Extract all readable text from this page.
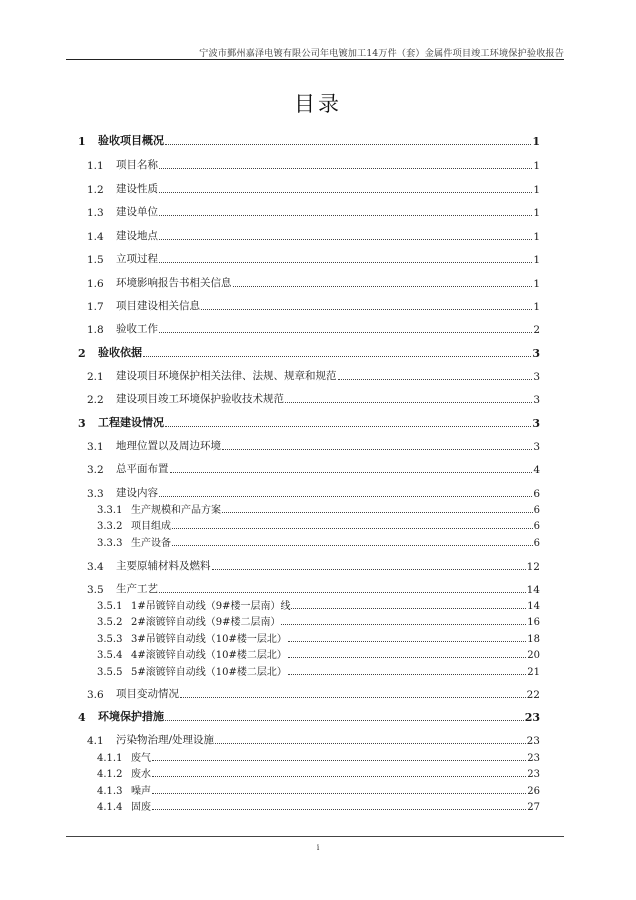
宁波市鄞州嘉泽电镀有限公司年电镀加工14万件（套）金属件项目竣工环境保护验收报告
目录
1 验收项目概况	1
1.1 项目名称	1
1.2 建设性质	1
1.3 建设单位	1
1.4 建设地点	1
1.5 立项过程	1
1.6 环境影响报告书相关信息	1
1.7 项目建设相关信息	1
1.8 验收工作	2
2 验收依据	3
2.1 建设项目环境保护相关法律、法规、规章和规范	3
2.2 建设项目竣工环境保护验收技术规范	3
3 工程建设情况	3
3.1 地理位置以及周边环境	3
3.2 总平面布置	4
3.3 建设内容	6
3.3.1 生产规模和产品方案	6
3.3.2 项目组成	6
3.3.3 生产设备	6
3.4 主要原辅材料及燃料	12
3.5 生产工艺	14
3.5.1 1#吊镀锌自动线（9#楼一层南）线	14
3.5.2 2#滚镀锌自动线（9#楼二层南）	16
3.5.3 3#吊镀锌自动线（10#楼一层北）	18
3.5.4 4#滚镀锌自动线（10#楼二层北）	20
3.5.5 5#滚镀锌自动线（10#楼二层北）	21
3.6 项目变动情况	22
4 环境保护措施	23
4.1 污染物治理/处理设施	23
4.1.1 废气	23
4.1.2 废水	23
4.1.3 噪声	26
4.1.4 固废	27
i
